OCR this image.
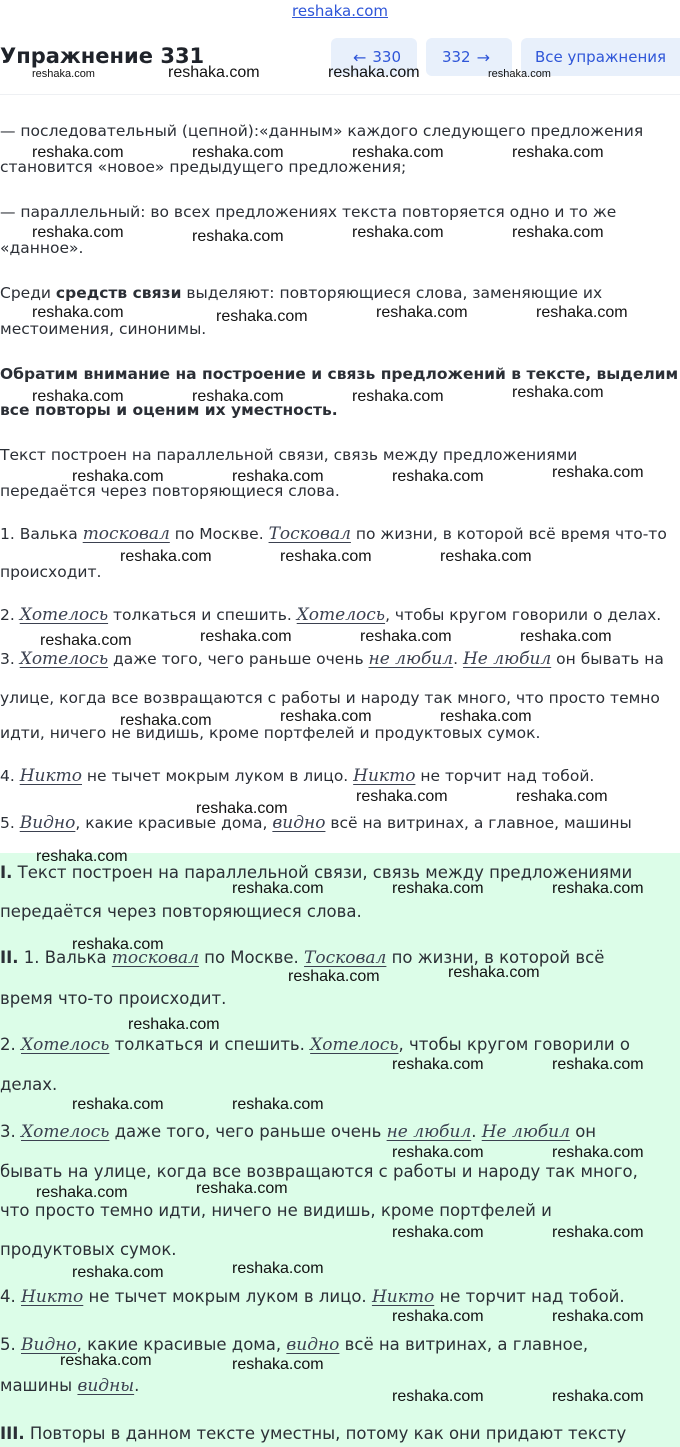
reshaka.com
Упражнение 331	← 330	332 →	Все упражнения
— последовательный (цепной):«данным» каждого следующего предложения
становится «новое» предыдущего предложения;
— параллельный: во всех предложениях текста повторяется одно и то же
«данное».
Среди средств связи выделяют: повторяющиеся слова, заменяющие их
местоимения, синонимы.
Обратим внимание на построение и связь предложений в тексте, выделим
все повторы и оценим их уместность.
Текст построен на параллельной связи, связь между предложениями
передаётся через повторяющиеся слова.
1. Валька тосковал по Москве. Тосковал по жизни, в которой всё время что-то
происходит.
2. Хотелось толкаться и спешить. Хотелось, чтобы кругом говорили о делах.
3. Хотелось даже того, чего раньше очень не любил. Не любил он бывать на
улице, когда все возвращаются с работы и народу так много, что просто темно
идти, ничего не видишь, кроме портфелей и продуктовых сумок.
4. Никто не тычет мокрым луком в лицо. Никто не торчит над тобой.
5. Видно, какие красивые дома, видно всё на витринах, а главное, машины
I. Текст построен на параллельной связи, связь между предложениями
передаётся через повторяющиеся слова.
II. 1. Валька тосковал по Москве. Тосковал по жизни, в которой всё
время что-то происходит.
2. Хотелось толкаться и спешить. Хотелось, чтобы кругом говорили о
делах.
3. Хотелось даже того, чего раньше очень не любил. Не любил он
бывать на улице, когда все возвращаются с работы и народу так много,
что просто темно идти, ничего не видишь, кроме портфелей и
продуктовых сумок.
4. Никто не тычет мокрым луком в лицо. Никто не торчит над тобой.
5. Видно, какие красивые дома, видно всё на витринах, а главное,
машины видны.
III. Повторы в данном тексте уместны, потому как они придают тексту
reshaka.com	reshaka.com	reshaka.com	reshaka.com
reshaka.com	reshaka.com	reshaka.com	reshaka.com
reshaka.com	reshaka.com	reshaka.com	reshaka.com
reshaka.com	reshaka.com	reshaka.com	reshaka.com
reshaka.com	reshaka.com	reshaka.com	reshaka.com
reshaka.com	reshaka.com	reshaka.com	reshaka.com
reshaka.com	reshaka.com	reshaka.com
reshaka.com	reshaka.com	reshaka.com	reshaka.com
reshaka.com	reshaka.com	reshaka.com
reshaka.com	reshaka.com
reshaka.com
reshaka.com
reshaka.com	reshaka.com	reshaka.com
reshaka.com
reshaka.com	reshaka.com
reshaka.com
reshaka.com	reshaka.com
reshaka.com	reshaka.com
reshaka.com	reshaka.com
reshaka.com	reshaka.com
reshaka.com	reshaka.com
reshaka.com	reshaka.com
reshaka.com	reshaka.com
reshaka.com	reshaka.com
reshaka.com	reshaka.com
